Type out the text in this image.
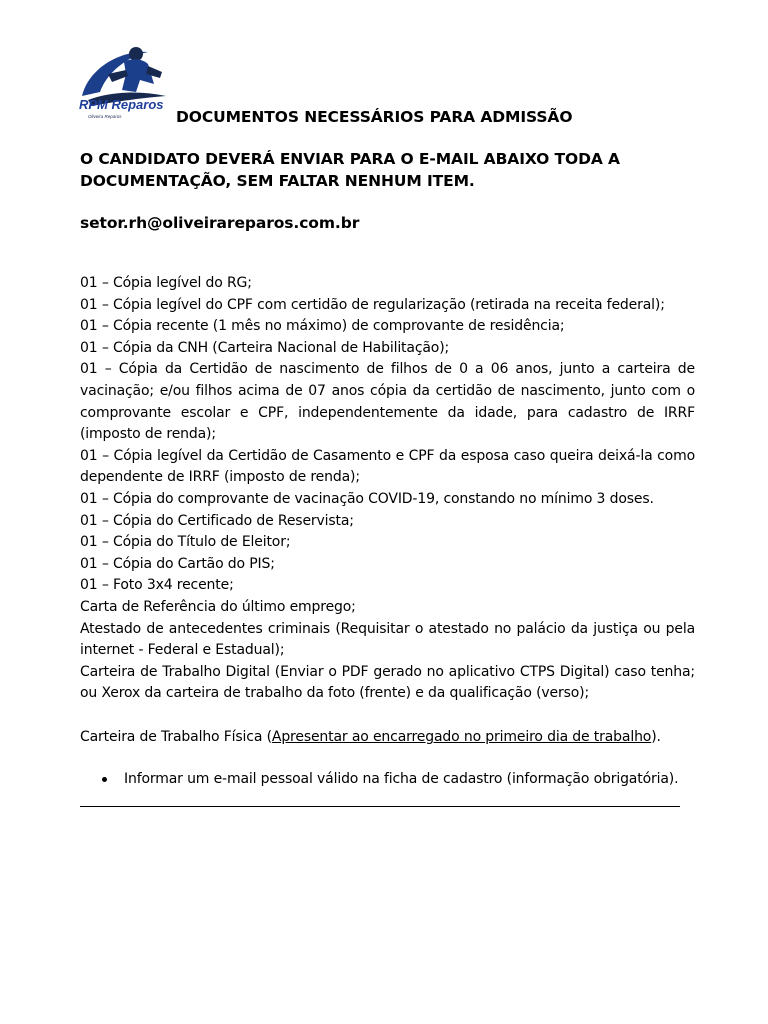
RPM Reparos
Oliveira Reparos	DOCUMENTOS NECESSÁRIOS PARA ADMISSÃO
O CANDIDATO DEVERÁ ENVIAR PARA O E-MAIL ABAIXO TODA A DOCUMENTAÇÃO, SEM FALTAR NENHUM ITEM.
setor.rh@oliveirareparos.com.br

01 – Cópia legível do RG;

01 – Cópia legível do CPF com certidão de regularização (retirada na receita federal);

01 – Cópia recente (1 mês no máximo) de comprovante de residência;

01 – Cópia da CNH (Carteira Nacional de Habilitação);

01 – Cópia da Certidão de nascimento de filhos de 0 a 06 anos, junto a carteira de vacinação; e/ou filhos acima de 07 anos cópia da certidão de nascimento, junto com o comprovante escolar e CPF, independentemente da idade, para cadastro de IRRF (imposto de renda);

01 – Cópia legível da Certidão de Casamento e CPF da esposa caso queira deixá-la como dependente de IRRF (imposto de renda);

01 – Cópia do comprovante de vacinação COVID-19, constando no mínimo 3 doses.

01 – Cópia do Certificado de Reservista;

01 – Cópia do Título de Eleitor;

01 – Cópia do Cartão do PIS;

01 – Foto 3x4 recente;

Carta de Referência do último emprego;

Atestado de antecedentes criminais (Requisitar o atestado no palácio da justiça ou pela internet - Federal e Estadual);

Carteira de Trabalho Digital (Enviar o PDF gerado no aplicativo CTPS Digital) caso tenha; ou Xerox da carteira de trabalho da foto (frente) e da qualificação (verso);

Carteira de Trabalho Física (Apresentar ao encarregado no primeiro dia de trabalho).
Informar um e-mail pessoal válido na ficha de cadastro (informação obrigatória).
